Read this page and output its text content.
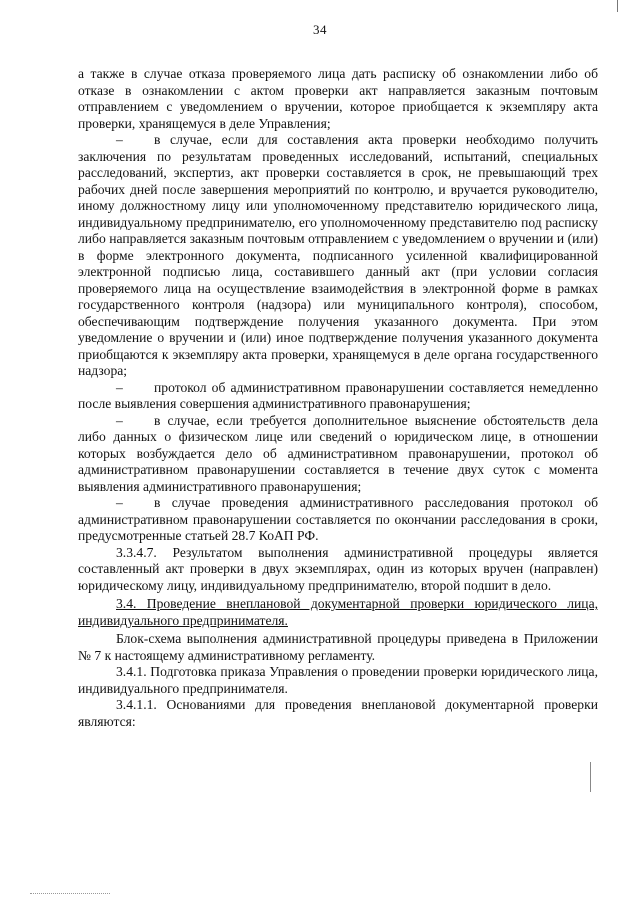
34

а также в случае отказа проверяемого лица дать расписку об ознакомлении либо об отказе в ознакомлении с актом проверки акт направляется заказным почтовым отправлением с уведомлением о вручении, которое приобщается к экземпляру акта проверки, хранящемуся в деле Управления;

– в случае, если для составления акта проверки необходимо получить заключения по результатам проведенных исследований, испытаний, специальных расследований, экспертиз, акт проверки составляется в срок, не превышающий трех рабочих дней после завершения мероприятий по контролю, и вручается руководителю, иному должностному лицу или уполномоченному представителю юридического лица, индивидуальному предпринимателю, его уполномоченному представителю под расписку либо направляется заказным почтовым отправлением с уведомлением о вручении и (или) в форме электронного документа, подписанного усиленной квалифицированной электронной подписью лица, составившего данный акт (при условии согласия проверяемого лица на осуществление взаимодействия в электронной форме в рамках государственного контроля (надзора) или муниципального контроля), способом, обеспечивающим подтверждение получения указанного документа. При этом уведомление о вручении и (или) иное подтверждение получения указанного документа приобщаются к экземпляру акта проверки, хранящемуся в деле органа государственного надзора;

– протокол об административном правонарушении составляется немедленно после выявления совершения административного правонарушения;

– в случае, если требуется дополнительное выяснение обстоятельств дела либо данных о физическом лице или сведений о юридическом лице, в отношении которых возбуждается дело об административном правонарушении, протокол об административном правонарушении составляется в течение двух суток с момента выявления административного правонарушения;

– в случае проведения административного расследования протокол об административном правонарушении составляется по окончании расследования в сроки, предусмотренные статьей 28.7 КоАП РФ.

3.3.4.7. Результатом выполнения административной процедуры является составленный акт проверки в двух экземплярах, один из которых вручен (направлен) юридическому лицу, индивидуальному предпринимателю, второй подшит в дело.

3.4. Проведение внеплановой документарной проверки юридического лица, индивидуального предпринимателя.

Блок-схема выполнения административной процедуры приведена в Приложении № 7 к настоящему административному регламенту.

3.4.1. Подготовка приказа Управления о проведении проверки юридического лица, индивидуального предпринимателя.

3.4.1.1. Основаниями для проведения внеплановой документарной проверки являются:
